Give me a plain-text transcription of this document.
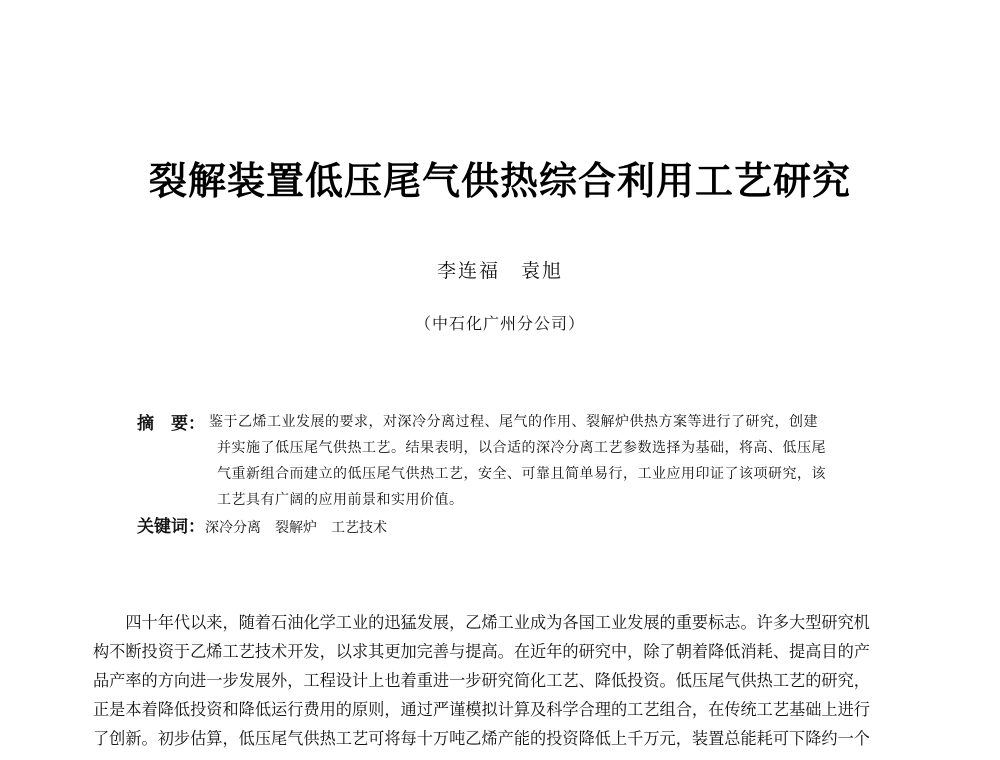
裂解装置低压尾气供热综合利用工艺研究
李连福　袁旭
（中石化广州分公司）
摘　要： 鉴于乙烯工业发展的要求，对深冷分离过程、尾气的作用、裂解炉供热方案等进行了研究，创建
并实施了低压尾气供热工艺。结果表明，以合适的深冷分离工艺参数选择为基础，将高、低压尾
气重新组合而建立的低压尾气供热工艺，安全、可靠且简单易行，工业应用印证了该项研究，该
工艺具有广阔的应用前景和实用价值。
关键词：深冷分离　裂解炉　工艺技术
　　四十年代以来，随着石油化学工业的迅猛发展，乙烯工业成为各国工业发展的重要标志。许多大型研究机
构不断投资于乙烯工艺技术开发，以求其更加完善与提高。在近年的研究中，除了朝着降低消耗、提高目的产
品产率的方向进一步发展外，工程设计上也着重进一步研究简化工艺、降低投资。低压尾气供热工艺的研究，
正是本着降低投资和降低运行费用的原则，通过严谨模拟计算及科学合理的工艺组合，在传统工艺基础上进行
了创新。初步估算，低压尾气供热工艺可将每十万吨乙烯产能的投资降低上千万元，装置总能耗可下降约一个
